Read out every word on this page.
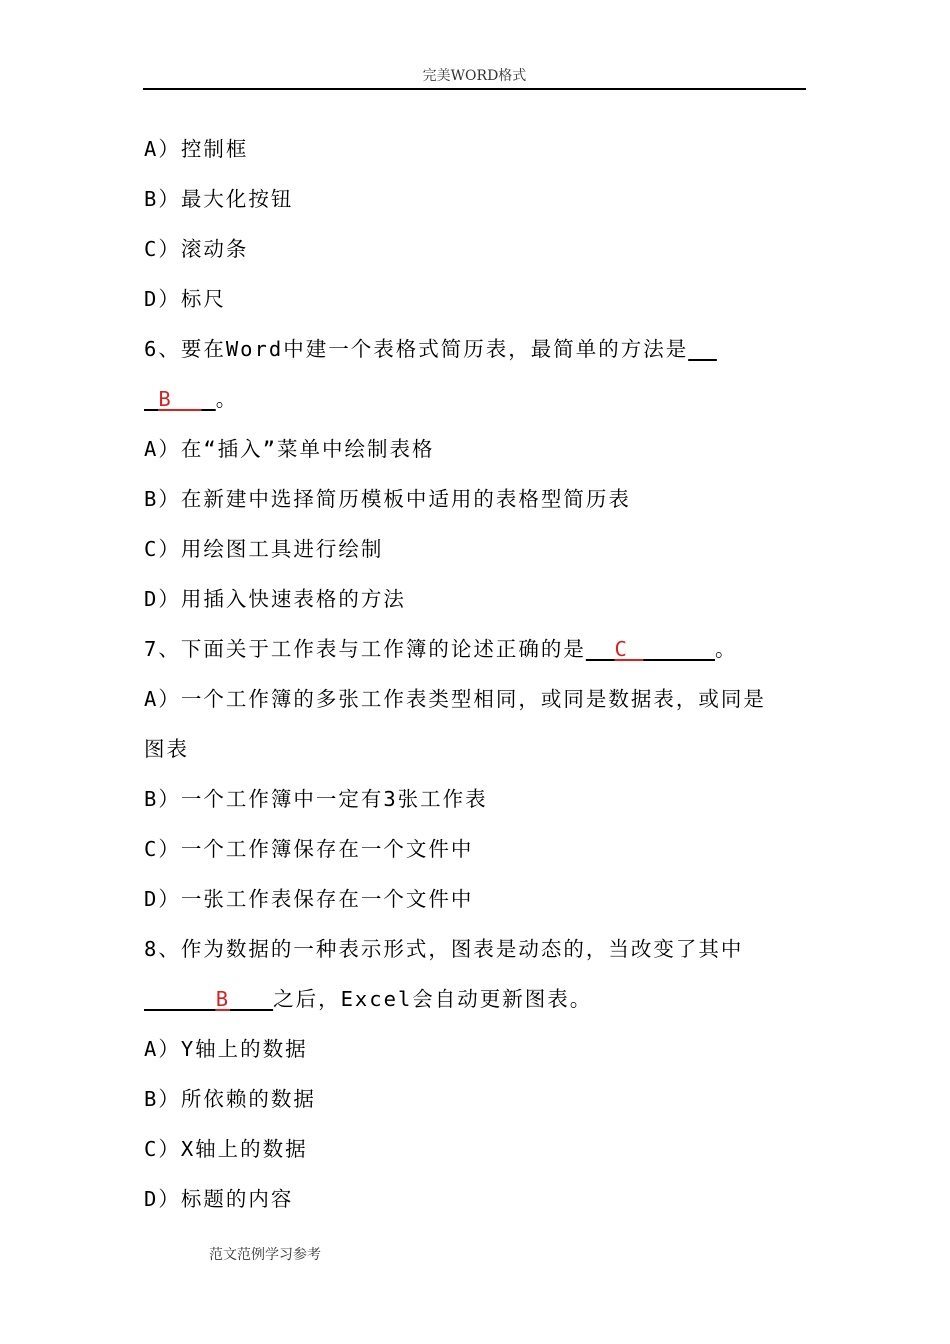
完美WORD格式
A）控制框
B）最大化按钮
C）滚动条
D）标尺
6、要在Word中建一个表格式简历表，最简单的方法是__
_B___。
A）在“插入”菜单中绘制表格
B）在新建中选择简历模板中适用的表格型简历表
C）用绘图工具进行绘制
D）用插入快速表格的方法
7、下面关于工作表与工作簿的论述正确的是__C______。
A）一个工作簿的多张工作表类型相同，或同是数据表，或同是
图表
B）一个工作簿中一定有3张工作表
C）一个工作簿保存在一个文件中
D）一张工作表保存在一个文件中
8、作为数据的一种表示形式，图表是动态的，当改变了其中
_____B___之后，Excel会自动更新图表。
A）Y轴上的数据
B）所依赖的数据
C）X轴上的数据
D）标题的内容
范文范例学习参考
